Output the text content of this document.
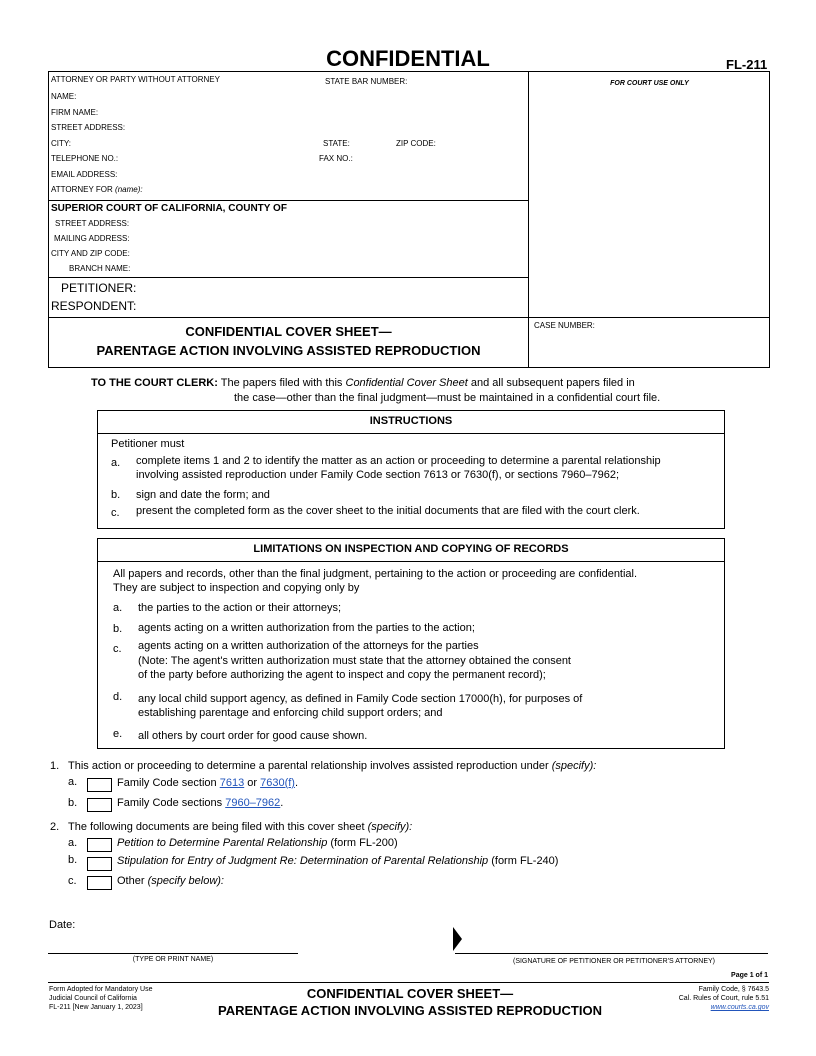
CONFIDENTIAL	FL-211
ATTORNEY OR PARTY WITHOUT ATTORNEY	STATE BAR NUMBER:	FOR COURT USE ONLY
NAME:
FIRM NAME:
STREET ADDRESS:
CITY:	STATE:	ZIP CODE:
TELEPHONE NO.:	FAX NO.:
EMAIL ADDRESS:
ATTORNEY FOR (name):
SUPERIOR COURT OF CALIFORNIA, COUNTY OF
STREET ADDRESS:
MAILING ADDRESS:
CITY AND ZIP CODE:
BRANCH NAME:
PETITIONER:
RESPONDENT:
CONFIDENTIAL COVER SHEET—
PARENTAGE ACTION INVOLVING ASSISTED REPRODUCTION
CASE NUMBER:
TO THE COURT CLERK: The papers filed with this Confidential Cover Sheet and all subsequent papers filed in
the case—other than the final judgment—must be maintained in a confidential court file.
INSTRUCTIONS
Petitioner must
a. complete items 1 and 2 to identify the matter as an action or proceeding to determine a parental relationship
involving assisted reproduction under Family Code section 7613 or 7630(f), or sections 7960–7962;
b. sign and date the form; and
c. present the completed form as the cover sheet to the initial documents that are filed with the court clerk.
LIMITATIONS ON INSPECTION AND COPYING OF RECORDS
All papers and records, other than the final judgment, pertaining to the action or proceeding are confidential.
They are subject to inspection and copying only by
a. the parties to the action or their attorneys;
b. agents acting on a written authorization from the parties to the action;
c. agents acting on a written authorization of the attorneys for the parties
(Note: The agent's written authorization must state that the attorney obtained the consent
of the party before authorizing the agent to inspect and copy the permanent record);
d. any local child support agency, as defined in Family Code section 17000(h), for purposes of
establishing parentage and enforcing child support orders; and
e. all others by court order for good cause shown.
1. This action or proceeding to determine a parental relationship involves assisted reproduction under (specify):
a.	Family Code section 7613 or 7630(f).
b.	Family Code sections 7960–7962.
2. The following documents are being filed with this cover sheet (specify):
a.	Petition to Determine Parental Relationship (form FL-200)
b.	Stipulation for Entry of Judgment Re: Determination of Parental Relationship (form FL-240)
c.	Other (specify below):
Date:
(TYPE OR PRINT NAME)	(SIGNATURE OF PETITIONER OR PETITIONER'S ATTORNEY)
Page 1 of 1
Form Adopted for Mandatory Use
Judicial Council of California
FL-211 [New January 1, 2023]
CONFIDENTIAL COVER SHEET—
PARENTAGE ACTION INVOLVING ASSISTED REPRODUCTION
Family Code, § 7643.5
Cal. Rules of Court, rule 5.51
www.courts.ca.gov
